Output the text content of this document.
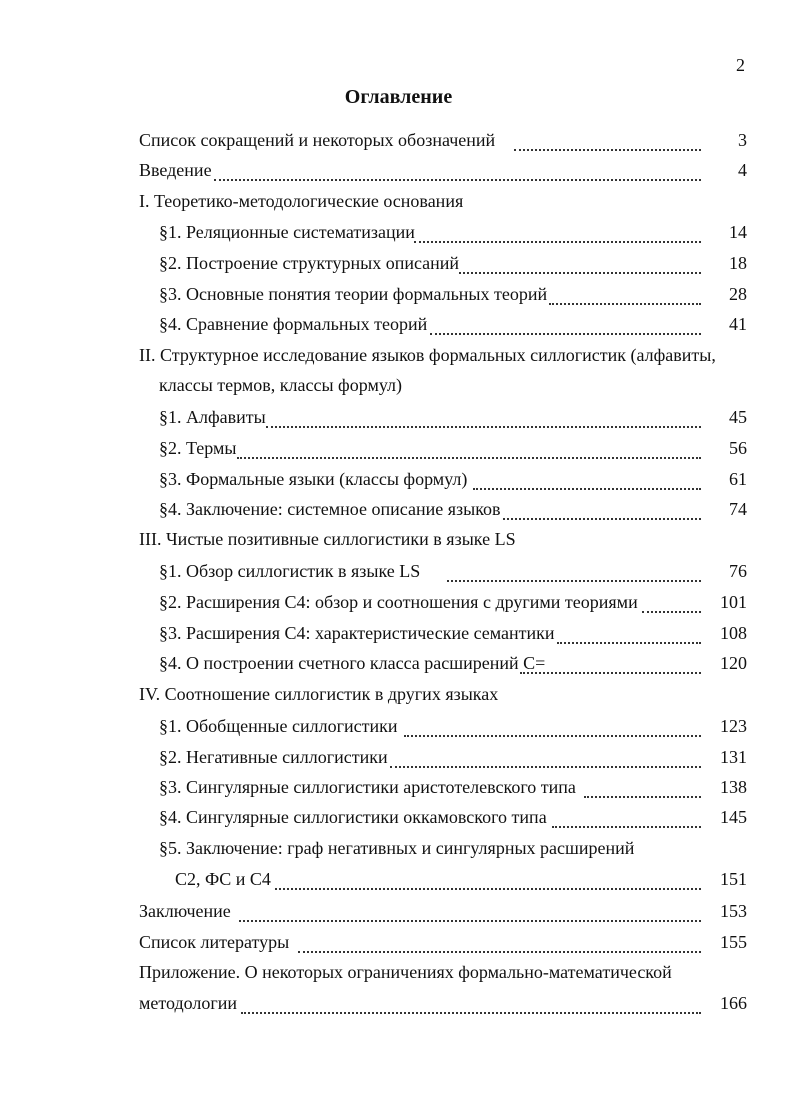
2
Оглавление
Список сокращений и некоторых обозначений	3
Введение	4
I. Теоретико-методологические основания
§1. Реляционные систематизации	14
§2. Построение структурных описаний	18
§3. Основные понятия теории формальных теорий	28
§4. Сравнение формальных теорий	41
II. Структурное исследование языков формальных силлогистик (алфавиты,
классы термов, классы формул)
§1. Алфавиты	45
§2. Термы	56
§3. Формальные языки (классы формул)	61
§4. Заключение: системное описание языков	74
III. Чистые позитивные силлогистики в языке LS
§1. Обзор силлогистик в языке LS	76
§2. Расширения C4: обзор и соотношения с другими теориями	101
§3. Расширения C4: характеристические семантики	108
§4. О построении счетного класса расширений C=	120
IV. Соотношение силлогистик в других языках
§1. Обобщенные силлогистики	123
§2. Негативные силлогистики	131
§3. Сингулярные силлогистики аристотелевского типа	138
§4. Сингулярные силлогистики оккамовского типа	145
§5. Заключение: граф негативных и сингулярных расширений
С2, ФС и С4	151
Заключение	153
Список литературы	155
Приложение. О некоторых ограничениях формально-математической
методологии	166
